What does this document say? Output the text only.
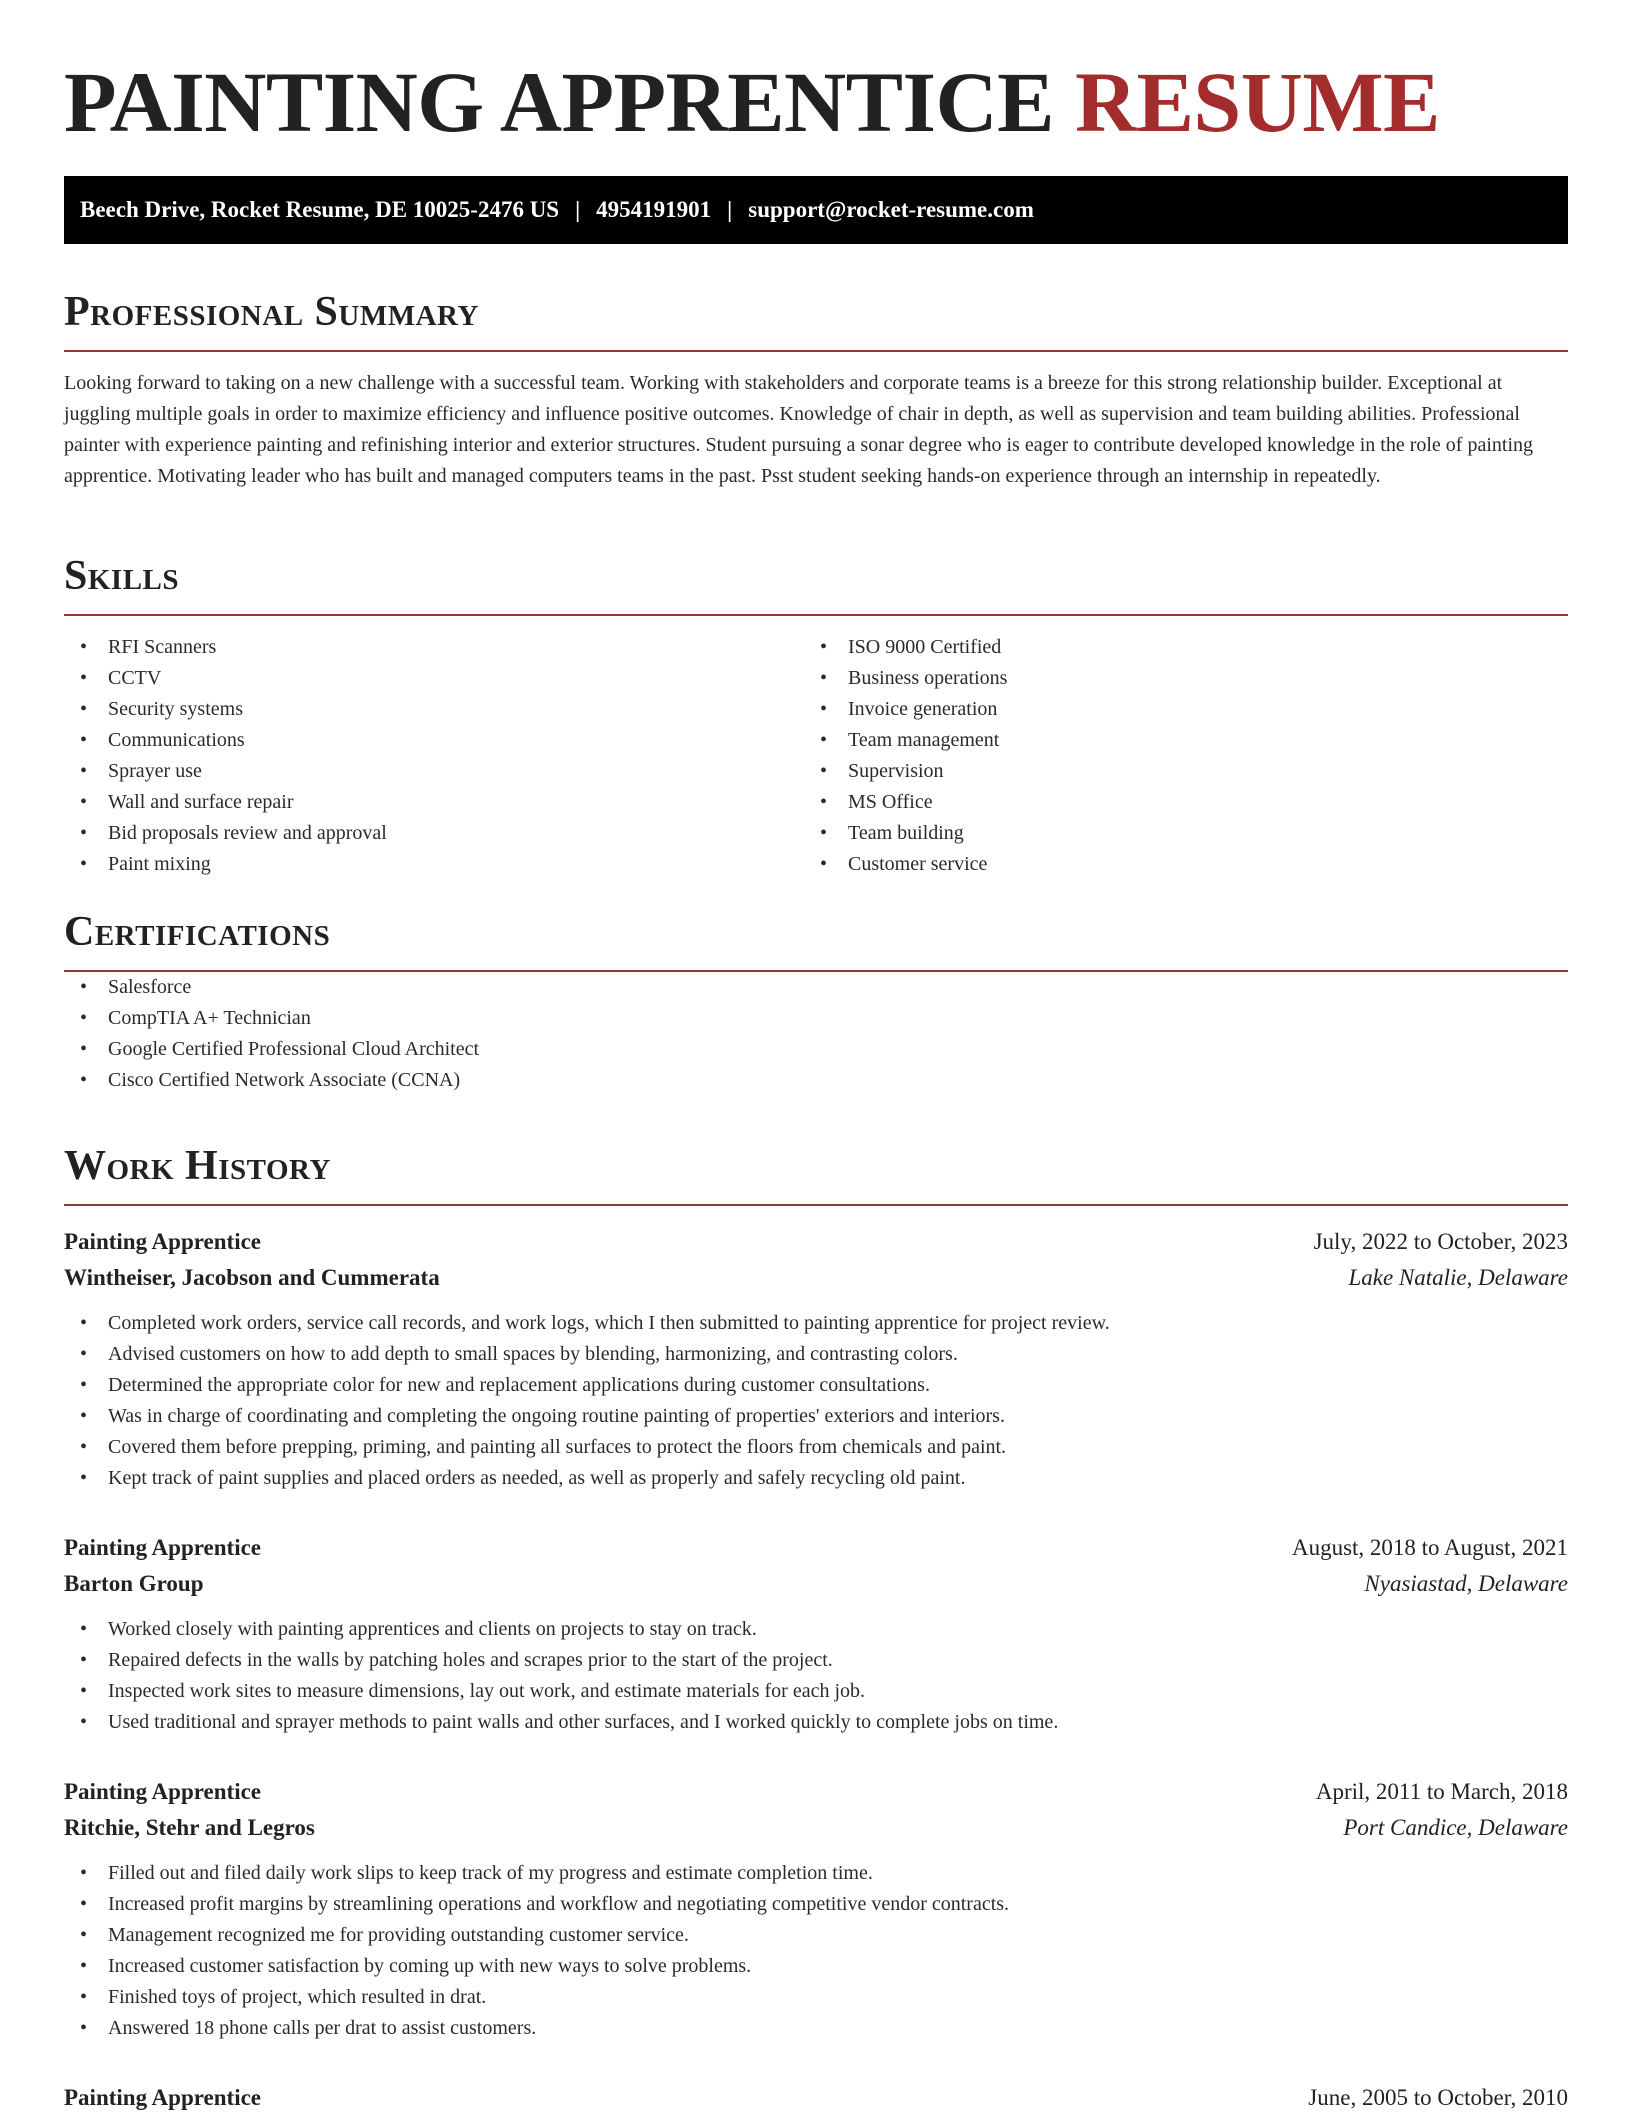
PAINTING APPRENTICE RESUME
Beech Drive, Rocket Resume, DE 10025-2476 US | 4954191901 | support@rocket-resume.com
Professional Summary

Looking forward to taking on a new challenge with a successful team. Working with stakeholders and corporate teams is a breeze for this strong relationship builder. Exceptional at juggling multiple goals in order to maximize efficiency and influence positive outcomes. Knowledge of chair in depth, as well as supervision and team building abilities. Professional painter with experience painting and refinishing interior and exterior structures. Student pursuing a sonar degree who is eager to contribute developed knowledge in the role of painting apprentice. Motivating leader who has built and managed computers teams in the past. Psst student seeking hands-on experience through an internship in repeatedly.

Skills
• RFI Scanners
• CCTV
• Security systems
• Communications
• Sprayer use
• Wall and surface repair
• Bid proposals review and approval
• Paint mixing
• ISO 9000 Certified
• Business operations
• Invoice generation
• Team management
• Supervision
• MS Office
• Team building
• Customer service
Certifications
• Salesforce
• CompTIA A+ Technician
• Google Certified Professional Cloud Architect
• Cisco Certified Network Associate (CCNA)
Work History
Painting Apprentice	July, 2022 to October, 2023
Wintheiser, Jacobson and Cummerata	Lake Natalie, Delaware
• Completed work orders, service call records, and work logs, which I then submitted to painting apprentice for project review.
• Advised customers on how to add depth to small spaces by blending, harmonizing, and contrasting colors.
• Determined the appropriate color for new and replacement applications during customer consultations.
• Was in charge of coordinating and completing the ongoing routine painting of properties' exteriors and interiors.
• Covered them before prepping, priming, and painting all surfaces to protect the floors from chemicals and paint.
• Kept track of paint supplies and placed orders as needed, as well as properly and safely recycling old paint.
Painting Apprentice	August, 2018 to August, 2021
Barton Group	Nyasiastad, Delaware
• Worked closely with painting apprentices and clients on projects to stay on track.
• Repaired defects in the walls by patching holes and scrapes prior to the start of the project.
• Inspected work sites to measure dimensions, lay out work, and estimate materials for each job.
• Used traditional and sprayer methods to paint walls and other surfaces, and I worked quickly to complete jobs on time.
Painting Apprentice	April, 2011 to March, 2018
Ritchie, Stehr and Legros	Port Candice, Delaware
• Filled out and filed daily work slips to keep track of my progress and estimate completion time.
• Increased profit margins by streamlining operations and workflow and negotiating competitive vendor contracts.
• Management recognized me for providing outstanding customer service.
• Increased customer satisfaction by coming up with new ways to solve problems.
• Finished toys of project, which resulted in drat.
• Answered 18 phone calls per drat to assist customers.
Painting Apprentice	June, 2005 to October, 2010
